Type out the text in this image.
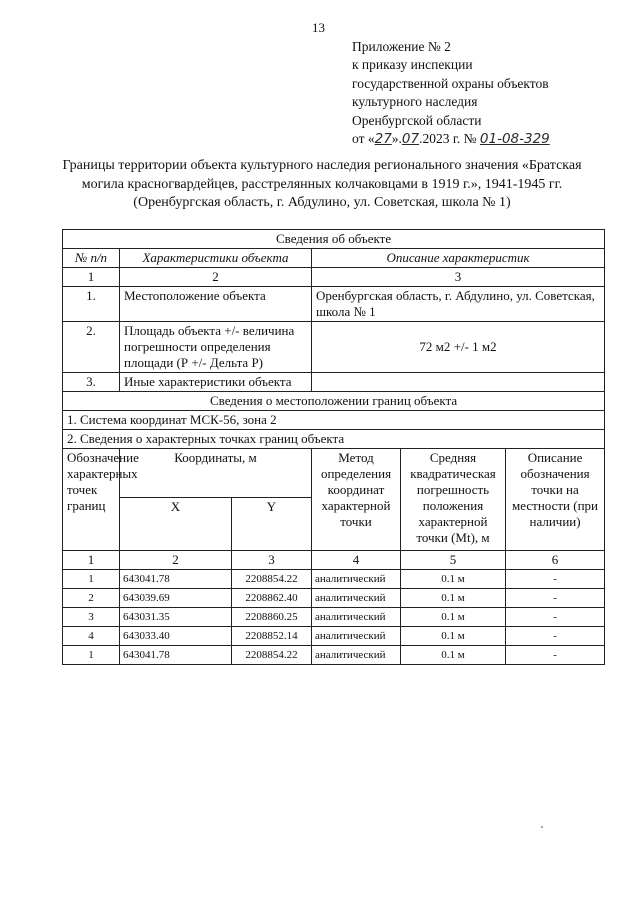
13
Приложение № 2
к приказу инспекции
государственной охраны объектов
культурного наследия
Оренбургской области
от «27».07.2023 г. № 01-08-329
Границы территории объекта культурного наследия регионального значения «Братская могила красногвардейцев, расстрелянных колчаковцами в 1919 г.», 1941-1945 гг. (Оренбургская область, г. Абдулино, ул. Советская, школа № 1)
Сведения об объекте					
№ п/п	Характеристики объекта		Описание характеристик		
1	2		3		
1.	Местоположение объекта		Оренбургская область, г. Абдулино, ул. Советская, школа № 1		
2.	Площадь объекта +/- величина погрешности определения площади (Р +/- Дельта Р)		72 м2 +/- 1 м2		
3.	Иные характеристики объекта				
Сведения о местоположении границ объекта					
1. Система координат МСК-56, зона 2					
2. Сведения о характерных точках границ объекта					
Обозначение характерных точек границ	Координаты, м		Метод определения координат характерной точки	Средняя квадратическая погрешность положения характерной точки (Mt), м	Описание обозначения точки на местности (при наличии)
	X	Y			
1	2	3	4	5	6
1	643041.78	2208854.22	аналитический	0.1 м	-
2	643039.69	2208862.40	аналитический	0.1 м	-
3	643031.35	2208860.25	аналитический	0.1 м	-
4	643033.40	2208852.14	аналитический	0.1 м	-
1	643041.78	2208854.22	аналитический	0.1 м	-
